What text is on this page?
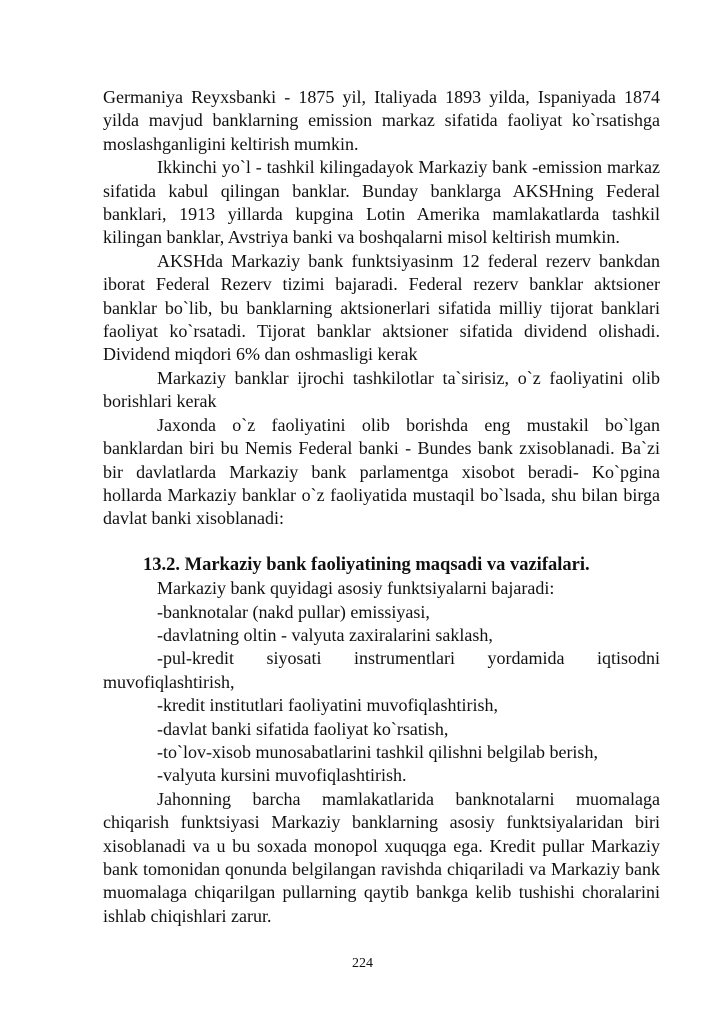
Germaniya Reyxsbanki - 1875 yil, Italiyada 1893 yilda, Ispaniyada 1874 yilda mavjud banklarning emission markaz sifatida faoliyat ko`rsatishga moslashganligini keltirish mumkin.

Ikkinchi yo`l - tashkil kilingadayok Markaziy bank -emission markaz sifatida kabul qilingan banklar. Bunday banklarga AKSHning Federal banklari, 1913 yillarda kupgina Lotin Amerika mamlakatlarda tashkil kilingan banklar, Avstriya banki va boshqalarni misol keltirish mumkin.

AKSHda Markaziy bank funktsiyasinm 12 federal rezerv bankdan iborat Federal Rezerv tizimi bajaradi. Federal rezerv banklar aktsioner banklar bo`lib, bu banklarning aktsionerlari sifatida milliy tijorat banklari faoliyat ko`rsatadi. Tijorat banklar aktsioner sifatida dividend olishadi. Dividend miqdori 6% dan oshmasligi kerak

Markaziy banklar ijrochi tashkilotlar ta`sirisiz, o`z faoliyatini olib borishlari kerak

Jaxonda o`z faoliyatini olib borishda eng mustakil bo`lgan banklardan biri bu Nemis Federal banki - Bundes bank zxisoblanadi. Ba`zi bir davlatlarda Markaziy bank parlamentga xisobot beradi- Ko`pgina hollarda Markaziy banklar o`z faoliyatida mustaqil bo`lsada, shu bilan birga davlat banki xisoblanadi:

13.2. Markaziy bank faoliyatining maqsadi va vazifalari.

Markaziy bank quyidagi asosiy funktsiyalarni bajaradi:

-banknotalar (nakd pullar) emissiyasi,

-davlatning oltin - valyuta zaxiralarini saklash,

-pul-kredit siyosati instrumentlari yordamida iqtisodni muvofiqlashtirish,

-kredit institutlari faoliyatini muvofiqlashtirish,

-davlat banki sifatida faoliyat ko`rsatish,

-to`lov-xisob munosabatlarini tashkil qilishni belgilab berish,

-valyuta kursini muvofiqlashtirish.

Jahonning barcha mamlakatlarida banknotalarni muomalaga chiqarish funktsiyasi Markaziy banklarning asosiy funktsiyalaridan biri xisoblanadi va u bu soxada monopol xuquqga ega. Kredit pullar Markaziy bank tomonidan qonunda belgilangan ravishda chiqariladi va Markaziy bank muomalaga chiqarilgan pullarning qaytib bankga kelib tushishi choralarini ishlab chiqishlari zarur.

224
